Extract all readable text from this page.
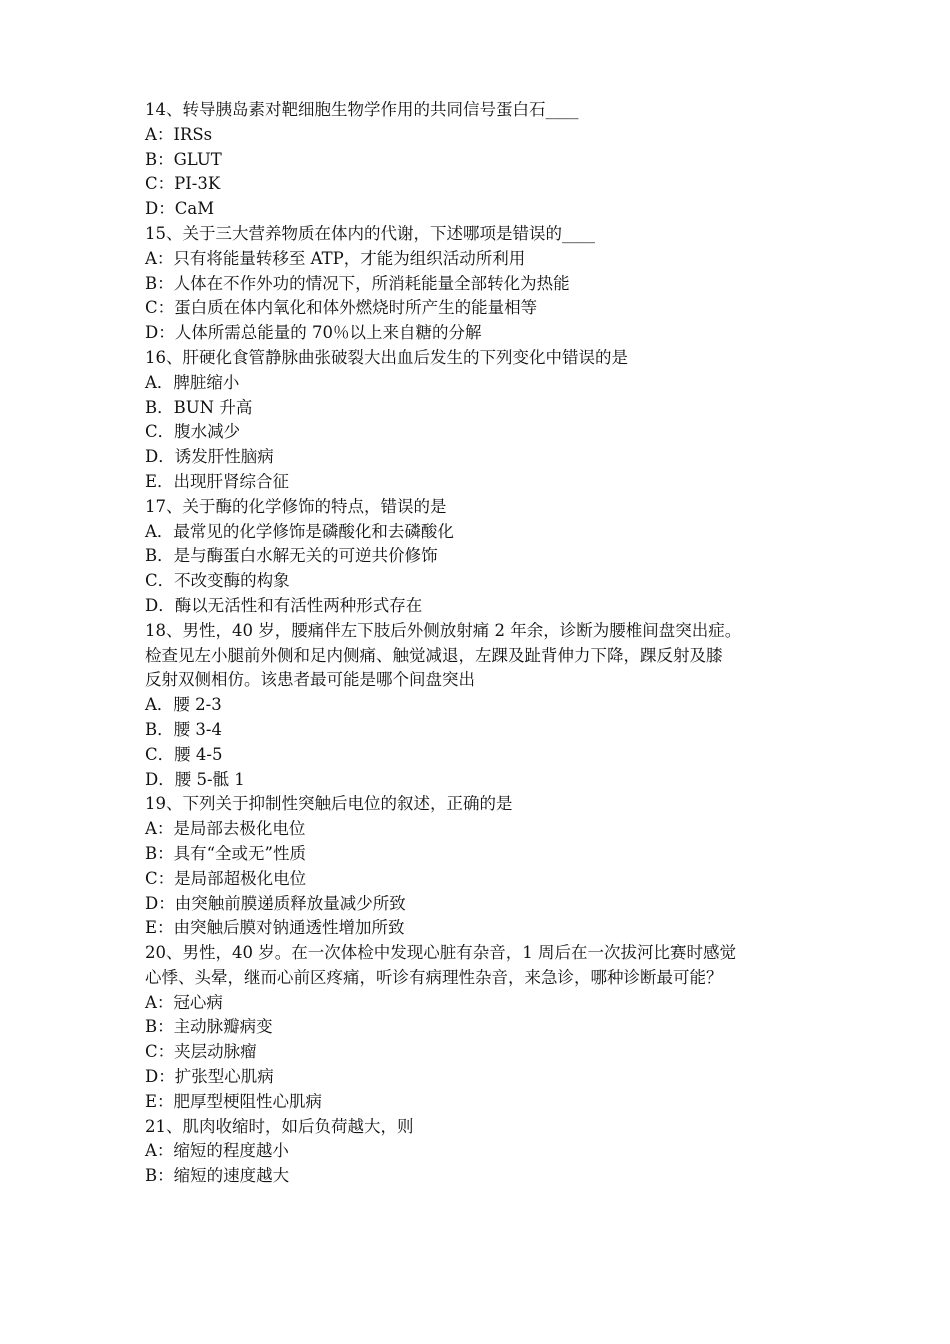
14、转导胰岛素对靶细胞生物学作用的共同信号蛋白石____
A：IRSs
B：GLUT
C：PI-3K
D：CaM
15、关于三大营养物质在体内的代谢，下述哪项是错误的____
A：只有将能量转移至 ATP，才能为组织活动所利用
B：人体在不作外功的情况下，所消耗能量全部转化为热能
C：蛋白质在体内氧化和体外燃烧时所产生的能量相等
D：人体所需总能量的 70％以上来自糖的分解
16、肝硬化食管静脉曲张破裂大出血后发生的下列变化中错误的是
A．脾脏缩小
B．BUN 升高
C．腹水减少
D．诱发肝性脑病
E．出现肝肾综合征
17、关于酶的化学修饰的特点，错误的是
A．最常见的化学修饰是磷酸化和去磷酸化
B．是与酶蛋白水解无关的可逆共价修饰
C．不改变酶的构象
D．酶以无活性和有活性两种形式存在
18、男性，40 岁，腰痛伴左下肢后外侧放射痛 2 年余，诊断为腰椎间盘突出症。
检查见左小腿前外侧和足内侧痛、触觉减退，左踝及趾背伸力下降，踝反射及膝
反射双侧相仿。该患者最可能是哪个间盘突出
A．腰 2-3
B．腰 3-4
C．腰 4-5
D．腰 5-骶 1
19、下列关于抑制性突触后电位的叙述，正确的是
A：是局部去极化电位
B：具有“全或无”性质
C：是局部超极化电位
D：由突触前膜递质释放量减少所致
E：由突触后膜对钠通透性增加所致
20、男性，40 岁。在一次体检中发现心脏有杂音，1 周后在一次拔河比赛时感觉
心悸、头晕，继而心前区疼痛，听诊有病理性杂音，来急诊，哪种诊断最可能？
A：冠心病
B：主动脉瓣病变
C：夹层动脉瘤
D：扩张型心肌病
E：肥厚型梗阻性心肌病
21、肌肉收缩时，如后负荷越大，则
A：缩短的程度越小
B：缩短的速度越大
